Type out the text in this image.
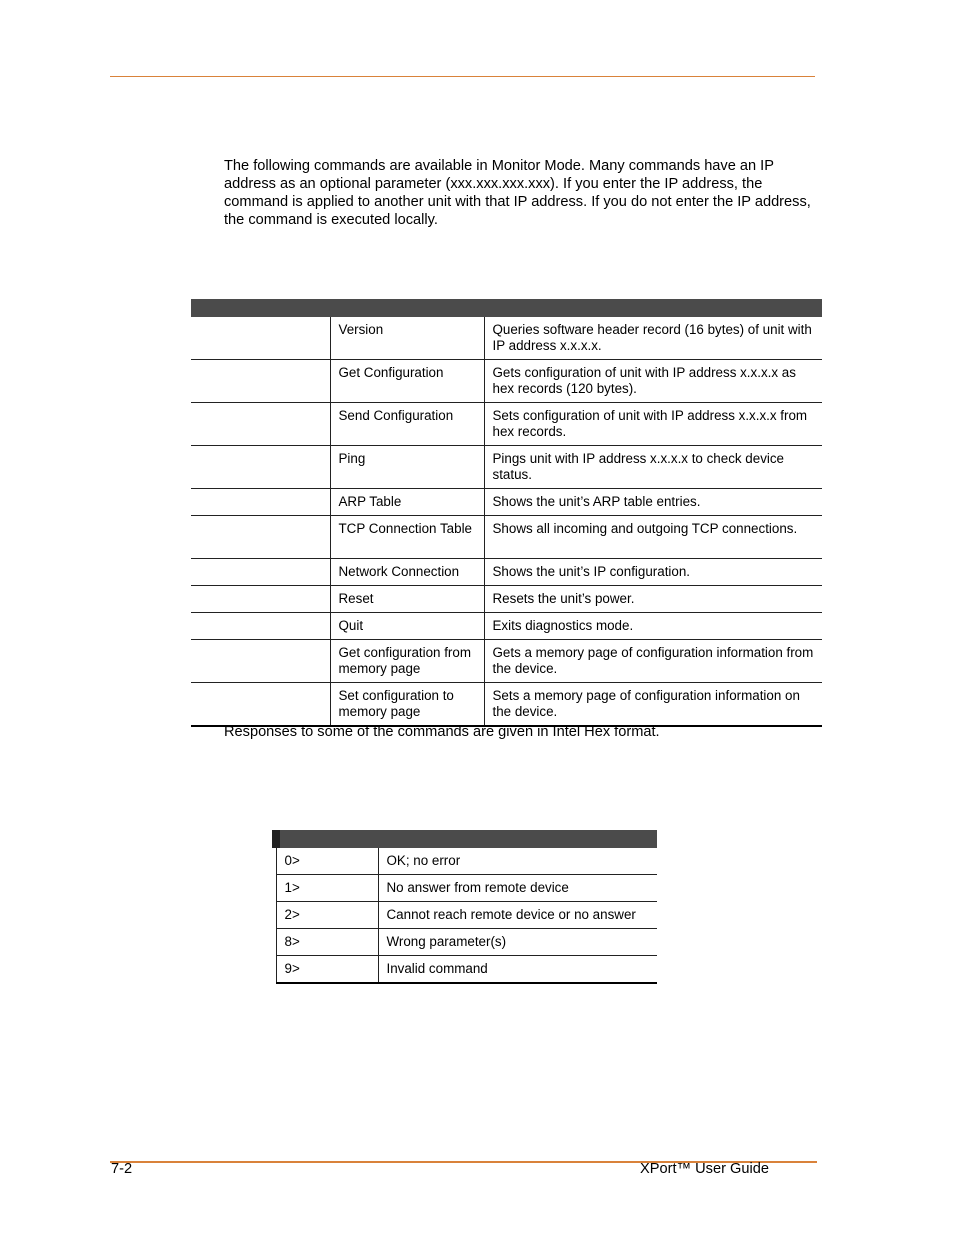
The following commands are available in Monitor Mode. Many commands have an IP address as an optional parameter (xxx.xxx.xxx.xxx). If you enter the IP address, the command is applied to another unit with that IP address. If you do not enter the IP address, the command is executed locally.

	Version	Queries software header record (16 bytes) of unit with IP address x.x.x.x.
	Get Configuration	Gets configuration of unit with IP address x.x.x.x as hex records (120 bytes).
	Send Configuration	Sets configuration of unit with IP address x.x.x.x from hex records.
	Ping	Pings unit with IP address x.x.x.x to check device status.
	ARP Table	Shows the unit’s ARP table entries.
	TCP Connection Table	Shows all incoming and outgoing TCP connections.
	Network Connection	Shows the unit’s IP configuration.
	Reset	Resets the unit’s power.
	Quit	Exits diagnostics mode.
	Get configuration from memory page	Gets a memory page of configuration information from the device.
	Set configuration to memory page	Sets a memory page of configuration information on the device.

Responses to some of the commands are given in Intel Hex format.

0>	OK; no error
1>	No answer from remote device
2>	Cannot reach remote device or no answer
8>	Wrong parameter(s)
9>	Invalid command
7-2	XPort™ User Guide
